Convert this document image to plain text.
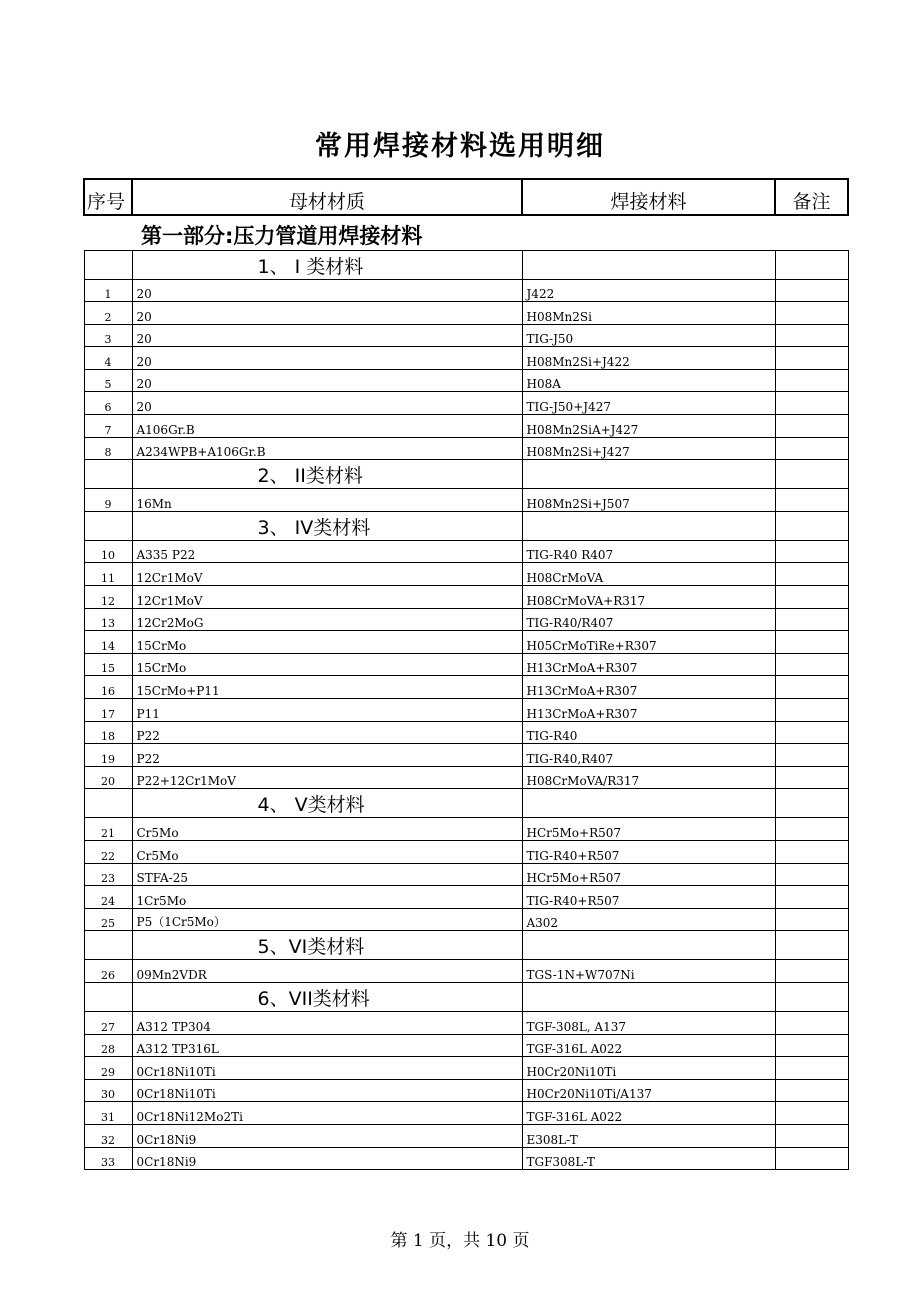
常用焊接材料选用明细
序号	母材材质	焊接材料	备注
第一部分:压力管道用焊接材料			
	1、 I 类材料		
1	20	J422	
2	20	H08Mn2Si	
3	20	TIG-J50	
4	20	H08Mn2Si+J422	
5	20	H08A	
6	20	TIG-J50+J427	
7	A106Gr.B	H08Mn2SiA+J427	
8	A234WPB+A106Gr.B	H08Mn2Si+J427	
	2、 II类材料		
9	16Mn	H08Mn2Si+J507	
	3、 IV类材料		
10	A335 P22	TIG-R40 R407	
11	12Cr1MoV	H08CrMoVA	
12	12Cr1MoV	H08CrMoVA+R317	
13	12Cr2MoG	TIG-R40/R407	
14	15CrMo	H05CrMoTiRe+R307	
15	15CrMo	H13CrMoA+R307	
16	15CrMo+P11	H13CrMoA+R307	
17	P11	H13CrMoA+R307	
18	P22	TIG-R40	
19	P22	TIG-R40,R407	
20	P22+12Cr1MoV	H08CrMoVA/R317	
	4、 V类材料		
21	Cr5Mo	HCr5Mo+R507	
22	Cr5Mo	TIG-R40+R507	
23	STFA-25	HCr5Mo+R507	
24	1Cr5Mo	TIG-R40+R507	
25	P5（1Cr5Mo）	A302	
	5、VI类材料		
26	09Mn2VDR	TGS-1N+W707Ni	
	6、VII类材料		
27	A312 TP304	TGF-308L, A137	
28	A312 TP316L	TGF-316L A022	
29	0Cr18Ni10Ti	H0Cr20Ni10Ti	
30	0Cr18Ni10Ti	H0Cr20Ni10Ti/A137	
31	0Cr18Ni12Mo2Ti	TGF-316L A022	
32	0Cr18Ni9	E308L-T	
33	0Cr18Ni9	TGF308L-T	
第 1 页，共 10 页
